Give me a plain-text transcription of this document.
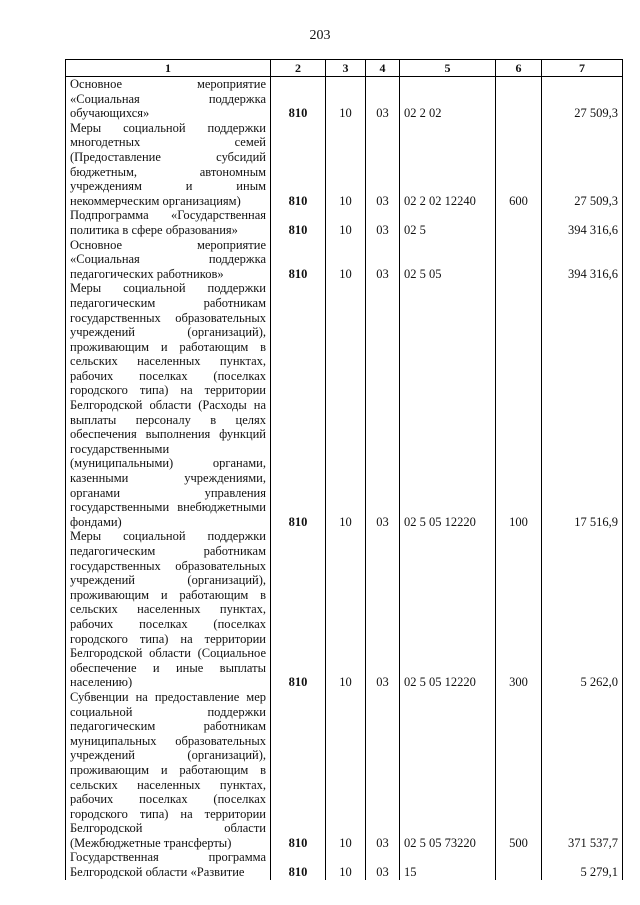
203
1	2	3	4	5	6	7
Основное мероприятие «Социальная поддержка обучающихся»	810	10	03	02 2 02		27 509,3
Меры социальной поддержки многодетных семей (Предоставление субсидий бюджетным, автономным учреждениям и иным некоммерческим организациям)	810	10	03	02 2 02 12240	600	27 509,3
Подпрограмма «Государственная политика в сфере образования»	810	10	03	02 5		394 316,6
Основное мероприятие «Социальная поддержка педагогических работников»	810	10	03	02 5 05		394 316,6
Меры социальной поддержки педагогическим работникам государственных образовательных учреждений (организаций), проживающим и работающим в сельских населенных пунктах, рабочих поселках (поселках городского типа) на территории Белгородской области (Расходы на выплаты персоналу в целях обеспечения выполнения функций государственными (муниципальными) органами, казенными учреждениями, органами управления государственными внебюджетными фондами)	810	10	03	02 5 05 12220	100	17 516,9
Меры социальной поддержки педагогическим работникам государственных образовательных учреждений (организаций), проживающим и работающим в сельских населенных пунктах, рабочих поселках (поселках городского типа) на территории Белгородской области (Социальное обеспечение и иные выплаты населению)	810	10	03	02 5 05 12220	300	5 262,0
Субвенции на предоставление мер социальной поддержки педагогическим работникам муниципальных образовательных учреждений (организаций), проживающим и работающим в сельских населенных пунктах, рабочих поселках (поселках городского типа) на территории Белгородской области (Межбюджетные трансферты)	810	10	03	02 5 05 73220	500	371 537,7
Государственная программа Белгородской области «Развитие	810	10	03	15		5 279,1
